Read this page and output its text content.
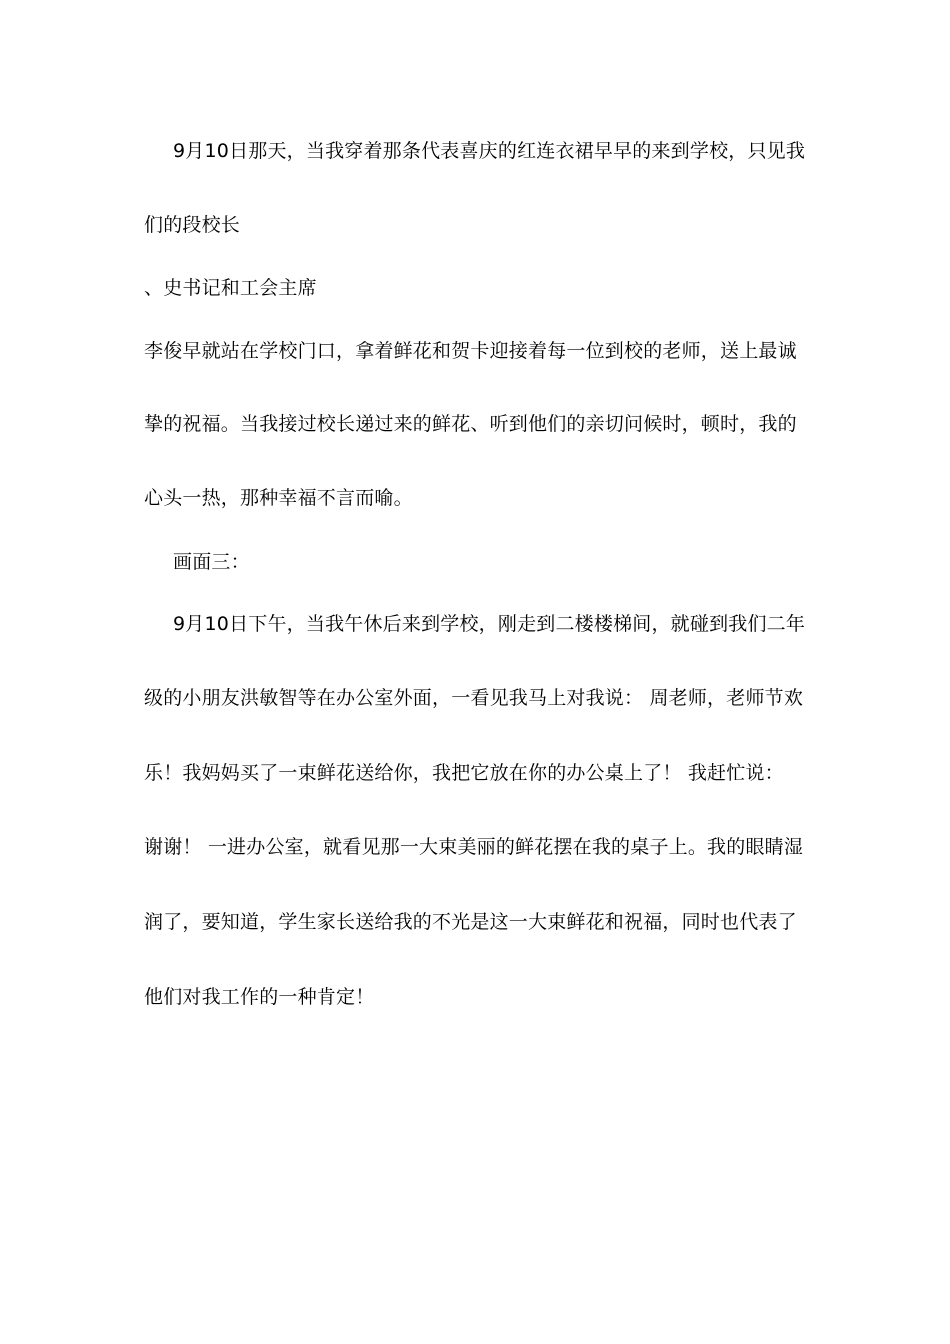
9月10日那天，当我穿着那条代表喜庆的红连衣裙早早的来到学校，只见我
们的段校长
、史书记和工会主席
李俊早就站在学校门口，拿着鲜花和贺卡迎接着每一位到校的老师，送上最诚
挚的祝福。当我接过校长递过来的鲜花、听到他们的亲切问候时，顿时，我的
心头一热，那种幸福不言而喻。
画面三：
9月10日下午，当我午休后来到学校，刚走到二楼楼梯间，就碰到我们二年
级的小朋友洪敏智等在办公室外面，一看见我马上对我说： 周老师，老师节欢
乐！我妈妈买了一束鲜花送给你，我把它放在你的办公桌上了！ 我赶忙说：
谢谢！ 一进办公室，就看见那一大束美丽的鲜花摆在我的桌子上。我的眼睛湿
润了，要知道，学生家长送给我的不光是这一大束鲜花和祝福，同时也代表了
他们对我工作的一种肯定！
